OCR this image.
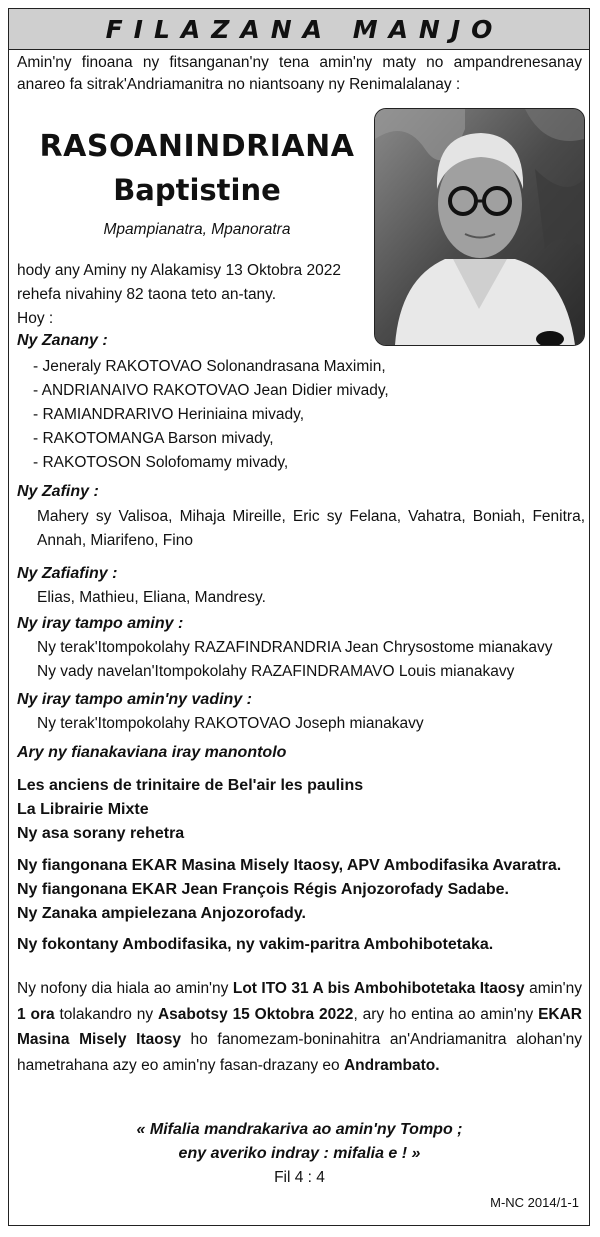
FILAZANA MANJO
Amin'ny finoana ny fitsanganan'ny tena amin'ny maty no ampandrenesanay anareo fa sitrak'Andriamanitra no niantsoany ny Renimalalanay :
RASOANINDRIANA
Baptistine
Mpampianatra, Mpanoratra
hody any Aminy ny Alakamisy 13 Oktobra 2022
rehefa nivahiny 82 taona teto an-tany.
Hoy :
Ny Zanany :
- Jeneraly RAKOTOVAO Solonandrasana Maximin,
- ANDRIANAIVO RAKOTOVAO Jean Didier mivady,
- RAMIANDRARIVO Heriniaina mivady,
- RAKOTOMANGA Barson mivady,
- RAKOTOSON Solofomamy mivady,
Ny Zafiny :
Mahery sy Valisoa, Mihaja Mireille, Eric sy Felana, Vahatra, Boniah, Fenitra, Annah, Miarifeno, Fino
Ny Zafiafiny :
Elias, Mathieu, Eliana, Mandresy.
Ny iray tampo aminy :
Ny terak'Itompokolahy RAZAFINDRANDRIA Jean Chrysostome mianakavy
Ny vady navelan'Itompokolahy RAZAFINDRAMAVO Louis mianakavy
Ny iray tampo amin'ny vadiny :
Ny terak'Itompokolahy RAKOTOVAO Joseph mianakavy
Ary ny fianakaviana iray manontolo
Les anciens de trinitaire de Bel'air les paulins
La Librairie Mixte
Ny asa sorany rehetra
Ny fiangonana EKAR Masina Misely Itaosy, APV Ambodifasika Avaratra.
Ny fiangonana EKAR Jean François Régis Anjozorofady Sadabe.
Ny Zanaka ampielezana Anjozorofady.
Ny fokontany Ambodifasika, ny vakim-paritra Ambohibotetaka.
Ny nofony dia hiala ao amin'ny Lot ITO 31 A bis Ambohibotetaka Itaosy amin'ny 1 ora tolakandro ny Asabotsy 15 Oktobra 2022, ary ho entina ao amin'ny EKAR Masina Misely Itaosy ho fanomezam-boninahitra an'Andriamanitra alohan'ny hametrahana azy eo amin'ny fasan-drazany eo Andrambato.
« Mifalia mandrakariva ao amin'ny Tompo ;
eny averiko indray : mifalia e ! »
Fil 4 : 4
M-NC 2014/1-1
